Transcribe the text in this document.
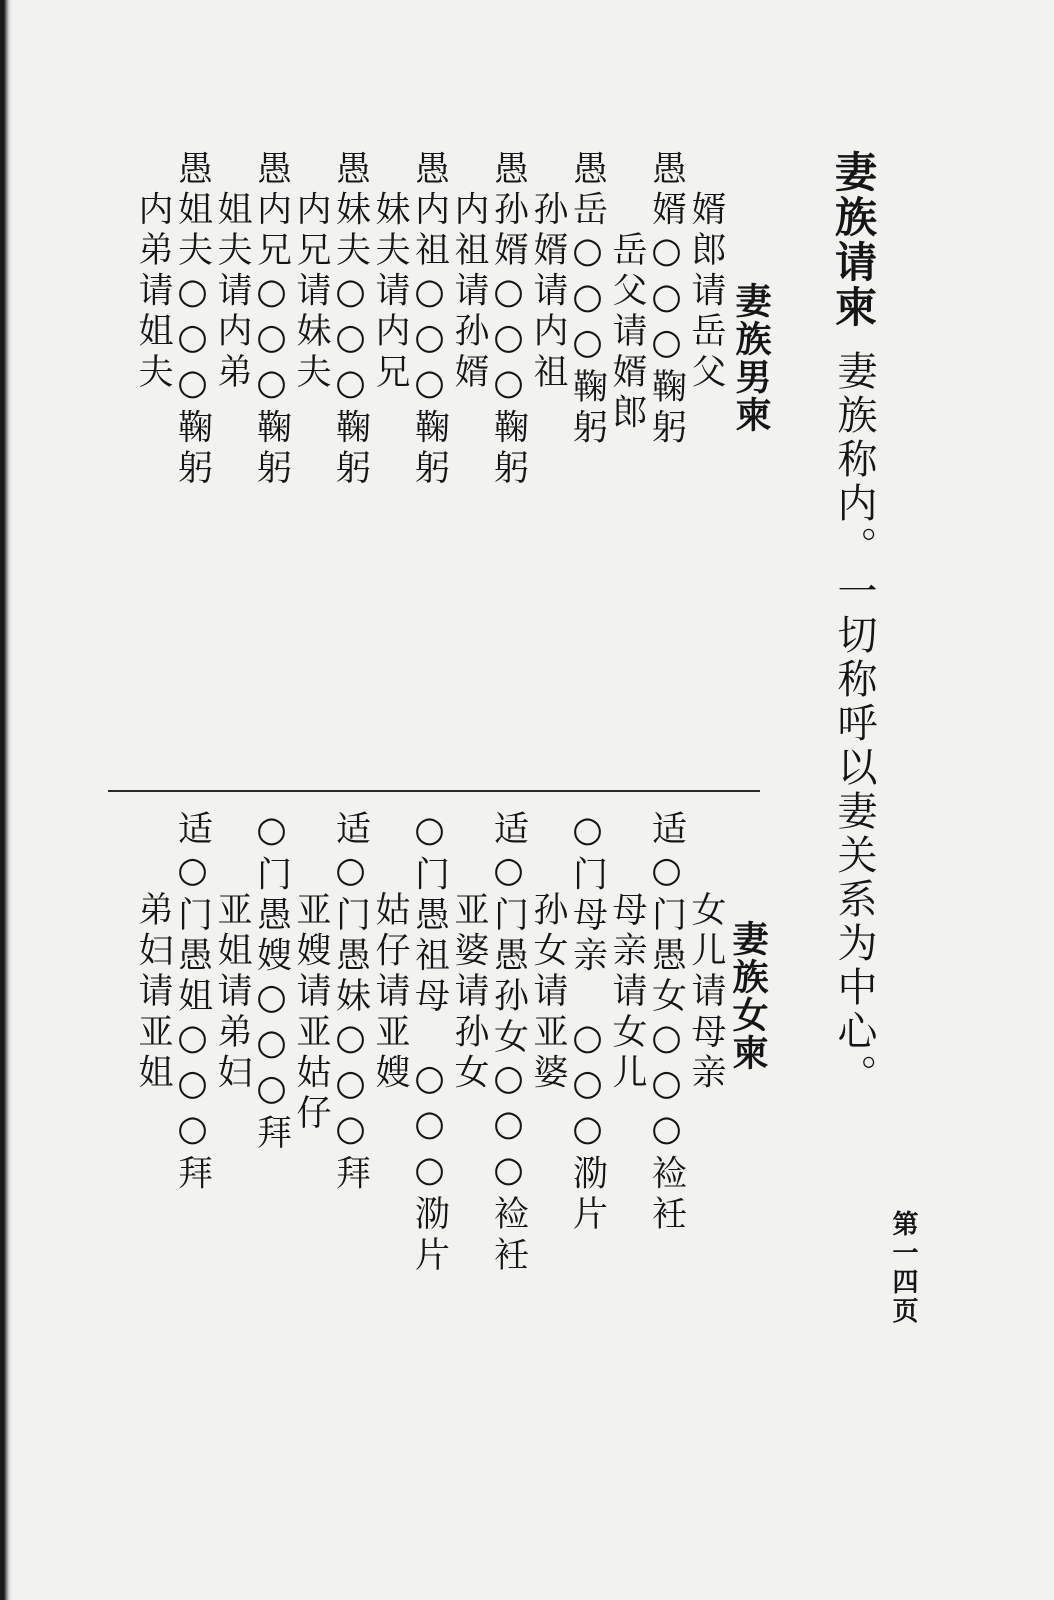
妻族请柬
妻族称内。一切称呼以妻关系为中心。
妻族男柬
　婿郎请岳父
愚婿○○○鞠躬
　　岳父请婿郎
愚岳○○○鞠躬
　孙婿请内祖
愚孙婿○○○鞠躬
　内祖请孙婿
愚内祖○○○鞠躬
　妹夫请内兄
愚妹夫○○○鞠躬
　内兄请妹夫
愚内兄○○○鞠躬
　姐夫请内弟
愚姐夫○○○鞠躬
　内弟请姐夫
妻族女柬
　　女儿请母亲
适○门愚女○○○裣衽
　　母亲请女儿
○门母亲　○○○泐片
　　孙女请亚婆
适○门愚孙女○○○裣衽
　　亚婆请孙女
○门愚祖母　○○○泐片
　　姑仔请亚嫂
适○门愚妹○○○拜
　　亚嫂请亚姑仔
○门愚嫂○○○拜
　　亚姐请弟妇
适○门愚姐○○○拜
　　弟妇请亚姐
第一四页
